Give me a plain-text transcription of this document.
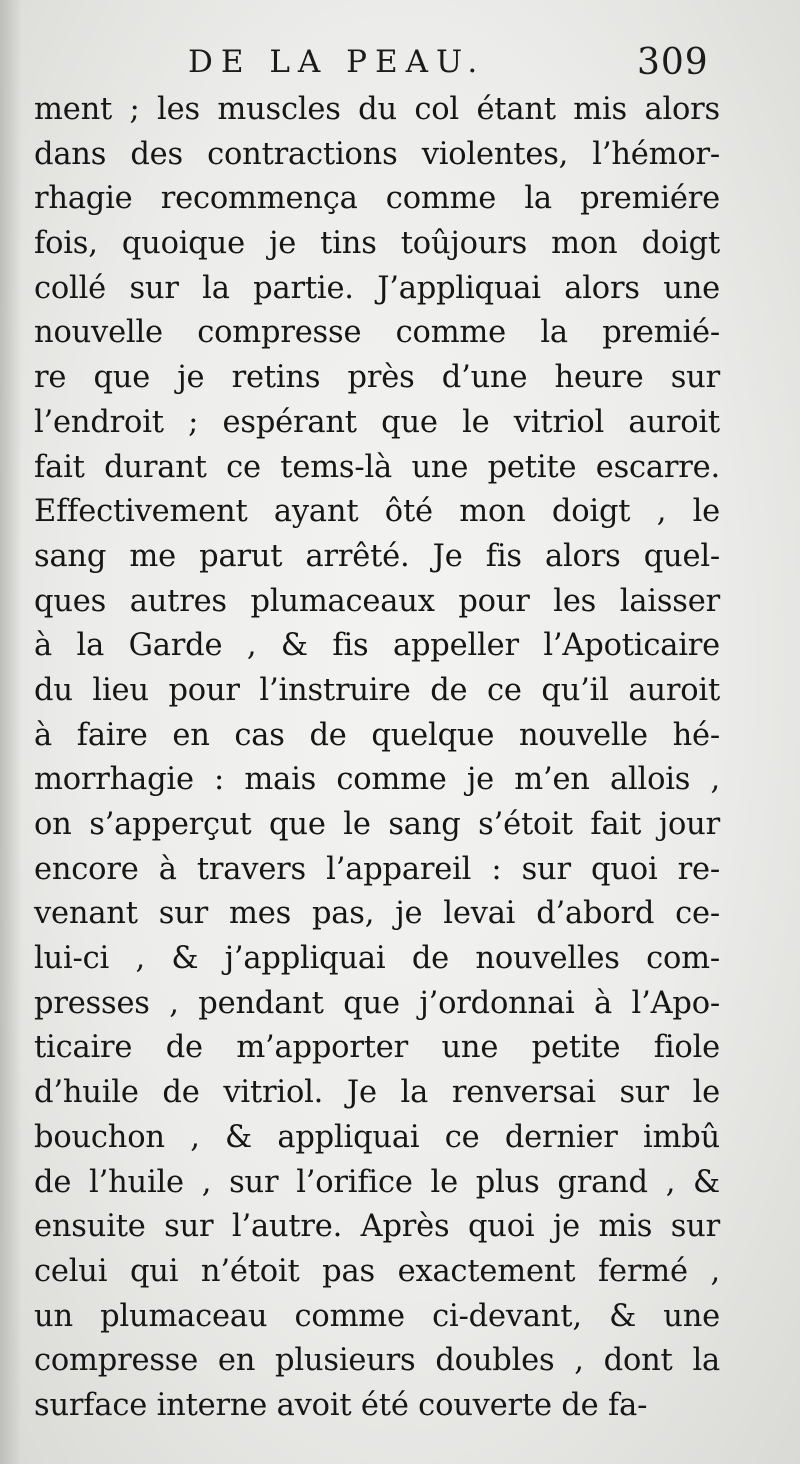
DE LA PEAU.	309
ment ; les muscles du col étant mis alors
dans des contractions violentes, l’hémor-
rhagie recommença comme la premiére
fois, quoique je tins toûjours mon doigt
collé sur la partie. J’appliquai alors une
nouvelle compresse comme la premié-
re que je retins près d’une heure sur
l’endroit ; espérant que le vitriol auroit
fait durant ce tems-là une petite escarre.
Effectivement ayant ôté mon doigt , le
sang me parut arrêté. Je fis alors quel-
ques autres plumaceaux pour les laisser
à la Garde , & fis appeller l’Apoticaire
du lieu pour l’instruire de ce qu’il auroit
à faire en cas de quelque nouvelle hé-
morrhagie : mais comme je m’en allois ,
on s’apperçut que le sang s’étoit fait jour
encore à travers l’appareil : sur quoi re-
venant sur mes pas, je levai d’abord ce-
lui-ci , & j’appliquai de nouvelles com-
presses , pendant que j’ordonnai à l’Apo-
ticaire de m’apporter une petite fiole
d’huile de vitriol. Je la renversai sur le
bouchon , & appliquai ce dernier imbû
de l’huile , sur l’orifice le plus grand , &
ensuite sur l’autre. Après quoi je mis sur
celui qui n’étoit pas exactement fermé ,
un plumaceau comme ci-devant, & une
compresse en plusieurs doubles , dont la
surface interne avoit été couverte de fa-
